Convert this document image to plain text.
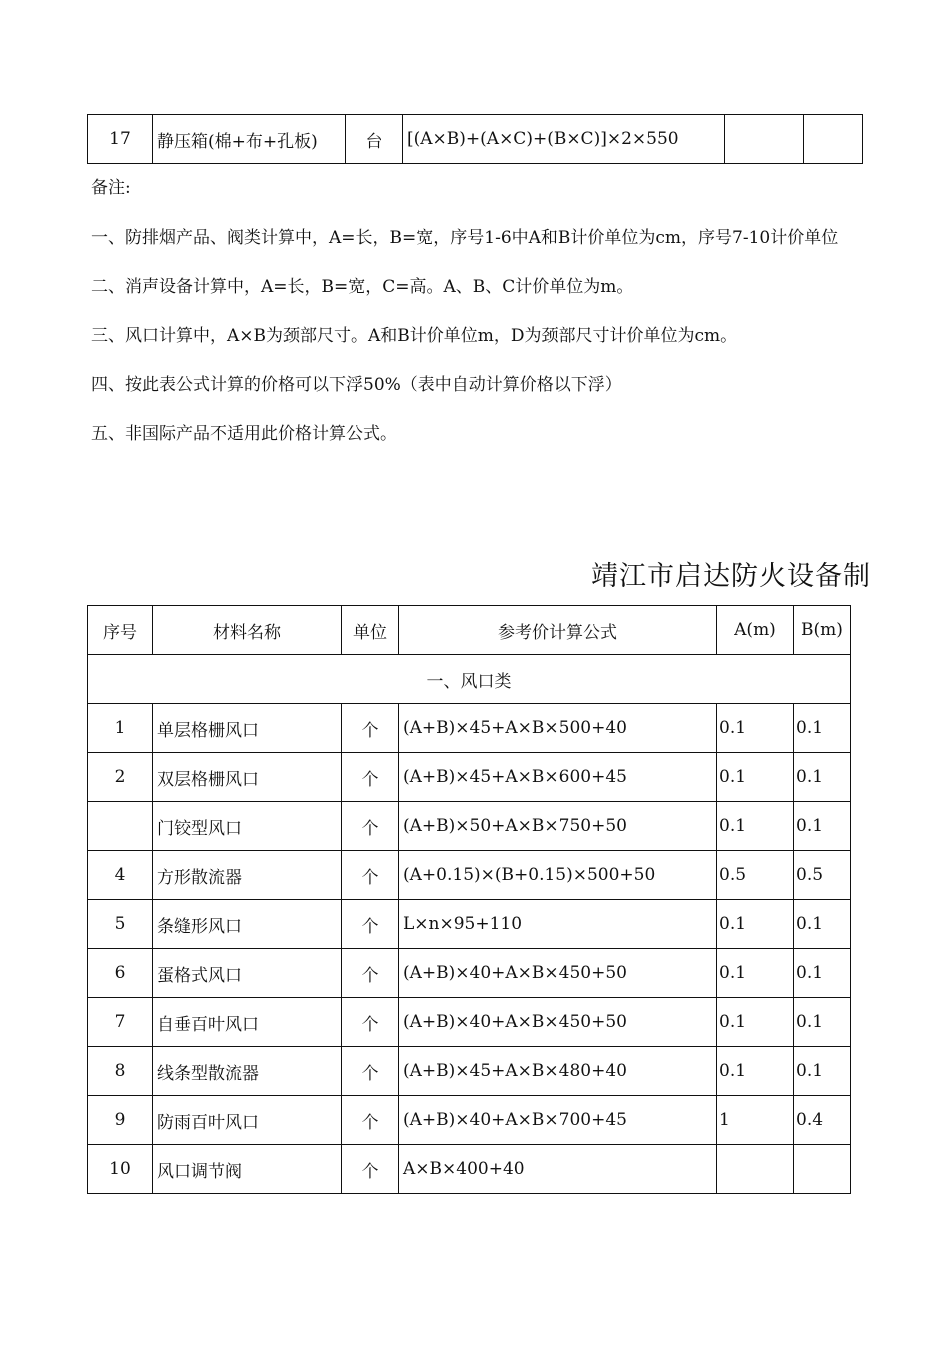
17	静压箱(棉+布+孔板)	台	[(A×B)+(A×C)+(B×C)]×2×550		
备注:
一、防排烟产品、阀类计算中，A=长，B=宽，序号1-6中A和B计价单位为cm，序号7-10计价单位
二、消声设备计算中，A=长，B=宽，C=高。A、B、C计价单位为m。
三、风口计算中，A×B为颈部尺寸。A和B计价单位m，D为颈部尺寸计价单位为cm。
四、按此表公式计算的价格可以下浮50%（表中自动计算价格以下浮）
五、非国际产品不适用此价格计算公式。
靖江市启达防火设备制
序号	材料名称	单位	参考价计算公式	A(m)	B(m)
一、风口类					
1	单层格栅风口	个	(A+B)×45+A×B×500+40	0.1	0.1
2	双层格栅风口	个	(A+B)×45+A×B×600+45	0.1	0.1
	门铰型风口	个	(A+B)×50+A×B×750+50	0.1	0.1
4	方形散流器	个	(A+0.15)×(B+0.15)×500+50	0.5	0.5
5	条缝形风口	个	L×n×95+110	0.1	0.1
6	蛋格式风口	个	(A+B)×40+A×B×450+50	0.1	0.1
7	自垂百叶风口	个	(A+B)×40+A×B×450+50	0.1	0.1
8	线条型散流器	个	(A+B)×45+A×B×480+40	0.1	0.1
9	防雨百叶风口	个	(A+B)×40+A×B×700+45	1	0.4
10	风口调节阀	个	A×B×400+40		
